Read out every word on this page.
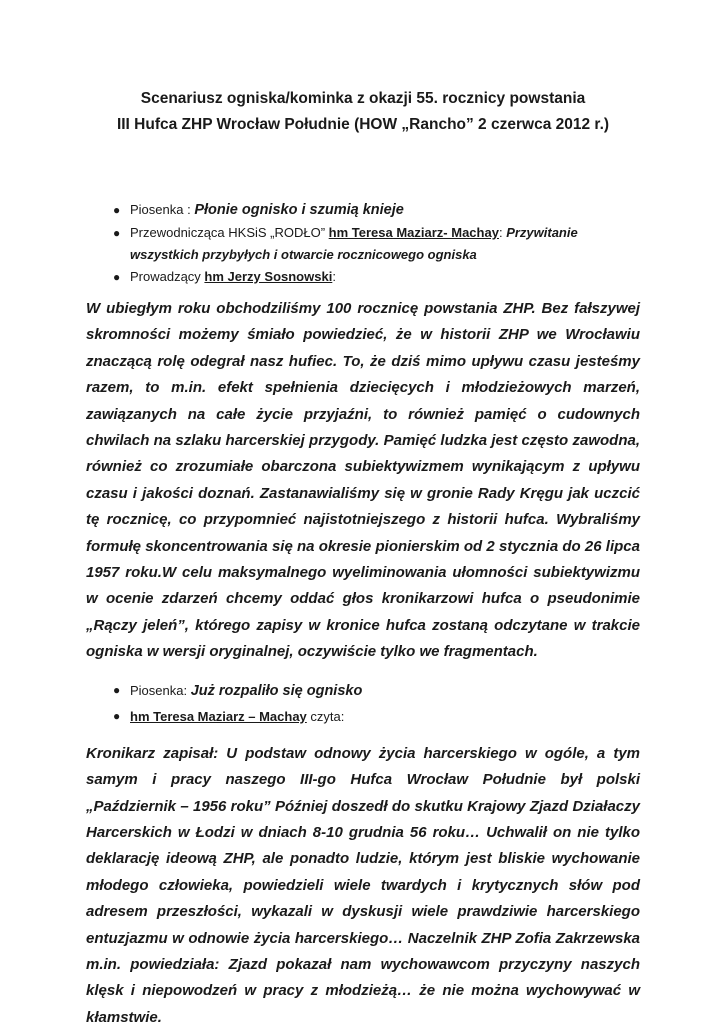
Scenariusz ogniska/kominka z okazji 55. rocznicy powstania
III Hufca ZHP Wrocław Południe (HOW „Rancho” 2 czerwca 2012 r.)
● Piosenka : Płonie ognisko i szumią knieje
● Przewodnicząca HKSiS „RODŁO” hm Teresa Maziarz- Machay: Przywitanie wszystkich przybyłych i otwarcie rocznicowego ogniska
● Prowadzący hm Jerzy Sosnowski:

W ubiegłym roku obchodziliśmy 100 rocznicę powstania ZHP. Bez fałszywej skromności możemy śmiało powiedzieć, że w historii ZHP we Wrocławiu znaczącą rolę odegrał nasz hufiec. To, że dziś mimo upływu czasu jesteśmy razem, to m.in. efekt spełnienia dziecięcych i młodzieżowych marzeń, zawiązanych na całe życie przyjaźni, to również pamięć o cudownych chwilach na szlaku harcerskiej przygody. Pamięć ludzka jest często zawodna, również co zrozumiałe obarczona subiektywizmem wynikającym z upływu czasu i jakości doznań. Zastanawialiśmy się w gronie Rady Kręgu jak uczcić tę rocznicę, co przypomnieć najistotniejszego z historii hufca. Wybraliśmy formułę skoncentrowania się na okresie pionierskim od 2 stycznia do 26 lipca 1957 roku.W celu maksymalnego wyeliminowania ułomności subiektywizmu w ocenie zdarzeń chcemy oddać głos kronikarzowi hufca o pseudonimie „Rączy jeleń”, którego zapisy w kronice hufca zostaną odczytane w trakcie ogniska w wersji oryginalnej, oczywiście tylko we fragmentach.

● Piosenka: Już rozpaliło się ognisko
● hm Teresa Maziarz – Machay czyta:

Kronikarz zapisał: U podstaw odnowy życia harcerskiego w ogóle, a tym samym i pracy naszego III-go Hufca Wrocław Południe był polski „Październik – 1956 roku” Później doszedł do skutku Krajowy Zjazd Działaczy Harcerskich w Łodzi w dniach 8-10 grudnia 56 roku… Uchwalił on nie tylko deklarację ideową ZHP, ale ponadto ludzie, którym jest bliskie wychowanie młodego człowieka, powiedzieli wiele twardych i krytycznych słów pod adresem przeszłości, wykazali w dyskusji wiele prawdziwie harcerskiego entuzjazmu w odnowie życia harcerskiego… Naczelnik ZHP Zofia Zakrzewska m.in. powiedziała: Zjazd pokazał nam wychowawcom przyczyny naszych klęsk i niepowodzeń w pracy z młodzieżą… że nie można wychowywać w kłamstwie.
